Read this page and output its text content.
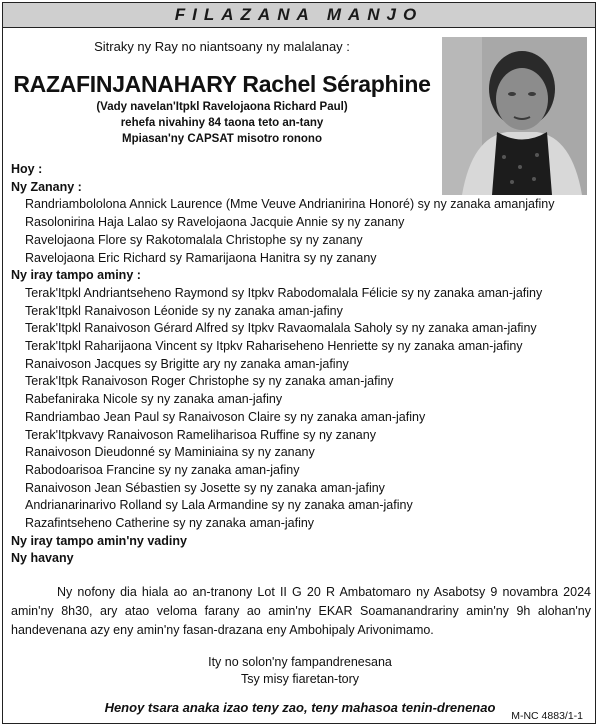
FILAZANA MANJO
Sitraky ny Ray no niantsoany ny malalanay :
RAZAFINJANAHARY Rachel Séraphine
(Vady navelan'Itpkl Ravelojaona Richard Paul)
rehefa nivahiny 84 taona teto an-tany
Mpiasan'ny CAPSAT misotro ronono
Hoy :
Ny Zanany :
Randriambololona Annick Laurence (Mme Veuve Andrianirina Honoré) sy ny zanaka amanjafiny
Rasolonirina Haja Lalao sy Ravelojaona Jacquie Annie sy ny zanany
Ravelojaona Flore sy Rakotomalala Christophe sy ny zanany
Ravelojaona Eric Richard sy Ramarijaona Hanitra sy ny zanany
Ny iray tampo aminy :
Terak'Itpkl Andriantseheno Raymond sy Itpkv Rabodomalala Félicie sy ny zanaka aman-jafiny
Terak'Itpkl Ranaivoson Léonide sy ny zanaka aman-jafiny
Terak'Itpkl Ranaivoson Gérard Alfred sy Itpkv Ravaomalala Saholy sy ny zanaka aman-jafiny
Terak'Itpkl Raharijaona Vincent sy Itpkv Rahariseheno Henriette sy ny zanaka aman-jafiny
Ranaivoson Jacques sy Brigitte ary ny zanaka aman-jafiny
Terak'Itpk Ranaivoson Roger Christophe sy ny zanaka aman-jafiny
Rabefaniraka Nicole sy ny zanaka aman-jafiny
Randriambao Jean Paul sy Ranaivoson Claire sy ny zanaka aman-jafiny
Terak'Itpkvavy Ranaivoson Rameliharisoa Ruffine sy ny zanany
Ranaivoson Dieudonné sy Maminiaina sy ny zanany
Rabodoarisoa Francine sy ny zanaka aman-jafiny
Ranaivoson Jean Sébastien sy Josette sy ny zanaka aman-jafiny
Andrianarinarivo Rolland sy Lala Armandine sy ny zanaka aman-jafiny
Razafintseheno Catherine sy ny zanaka aman-jafiny
Ny iray tampo amin'ny vadiny
Ny havany
Ny nofony dia hiala ao an-tranony Lot II G 20 R Ambatomaro ny Asabotsy 9 novambra 2024 amin'ny 8h30, ary atao veloma farany ao amin'ny EKAR Soamanandrariny amin'ny 9h alohan'ny handevenana azy eny amin'ny fasan-drazana eny Ambohipaly Arivonimamo.
Ity no solon'ny fampandrenesana
Tsy misy fiaretan-tory
Henoy tsara anaka izao teny zao, teny mahasoa tenin-drenenao
M-NC 4883/1-1
